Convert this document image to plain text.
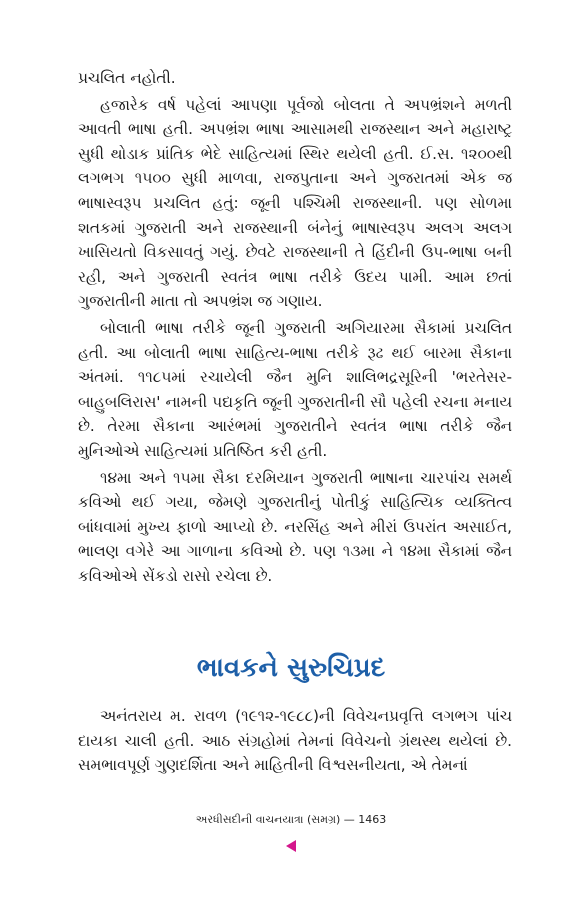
પ્રચલિત નહોતી.

હજારેક વર્ષ પહેલાં આપણા પૂર્વજો બોલતા તે અપભ્રંશને મળતી આવતી ભાષા હતી. અપભ્રંશ ભાષા આસામથી રાજસ્થાન અને મહારાષ્ટ્ર સુધી થોડાક પ્રાંતિક ભેદે સાહિત્યમાં સ્થિર થયેલી હતી. ઈ.સ. ૧૨૦૦થી લગભગ ૧૫૦૦ સુધી માળવા, રાજપુતાના અને ગુજરાતમાં એક જ ભાષાસ્વરૂપ પ્રચલિત હતું: જૂની પશ્ચિમી રાજસ્થાની. પણ સોળમા શતકમાં ગુજરાતી અને રાજસ્થાની બંનેનું ભાષાસ્વરૂપ અલગ અલગ ખાસિયતો વિકસાવતું ગયું. છેવટે રાજસ્થાની તે હિંદીની ઉપ-ભાષા બની રહી, અને ગુજરાતી સ્વતંત્ર ભાષા તરીકે ઉદય પામી. આમ છતાં ગુજરાતીની માતા તો અપભ્રંશ જ ગણાય.

બોલાતી ભાષા તરીકે જૂની ગુજરાતી અગિયારમા સૈકામાં પ્રચલિત હતી. આ બોલાતી ભાષા સાહિત્ય-ભાષા તરીકે રૂઢ થઈ બારમા સૈકાના અંતમાં. ૧૧૮૫માં રચાયેલી જૈન મુનિ શાલિભદ્રસૂરિની 'ભરતેસર-બાહુબલિરાસ' નામની પદ્યકૃતિ જૂની ગુજરાતીની સૌ પહેલી રચના મનાય છે. તેરમા સૈકાના આરંભમાં ગુજરાતીને સ્વતંત્ર ભાષા તરીકે જૈન મુનિઓએ સાહિત્યમાં પ્રતિષ્ઠિત કરી હતી.

૧૪મા અને ૧૫મા સૈકા દરમિયાન ગુજરાતી ભાષાના ચારપાંચ સમર્થ કવિઓ થઈ ગયા, જેમણે ગુજરાતીનું પોતીકું સાહિત્યિક વ્યક્તિત્વ બાંધવામાં મુખ્ય ફાળો આપ્યો છે. નરસિંહ અને મીરાં ઉપરાંત અસાઈત, ભાલણ વગેરે આ ગાળાના કવિઓ છે. પણ ૧૩મા ને ૧૪મા સૈકામાં જૈન કવિઓએ સેંકડો રાસો રચેલા છે.

ભાવકને સુરુચિપ્રદ

અનંતરાય મ. રાવળ (૧૯૧૨-૧૯૮૮)ની વિવેચનપ્રવૃત્તિ લગભગ પાંચ દાયકા ચાલી હતી. આઠ સંગ્રહોમાં તેમનાં વિવેચનો ગ્રંથસ્થ થયેલાં છે. સમભાવપૂર્ણ ગુણદર્શિતા અને માહિતીની વિશ્વસનીયતા, એ તેમનાં

અરધીસદીની વાચનયાત્રા (સમગ્ર) — 1463
